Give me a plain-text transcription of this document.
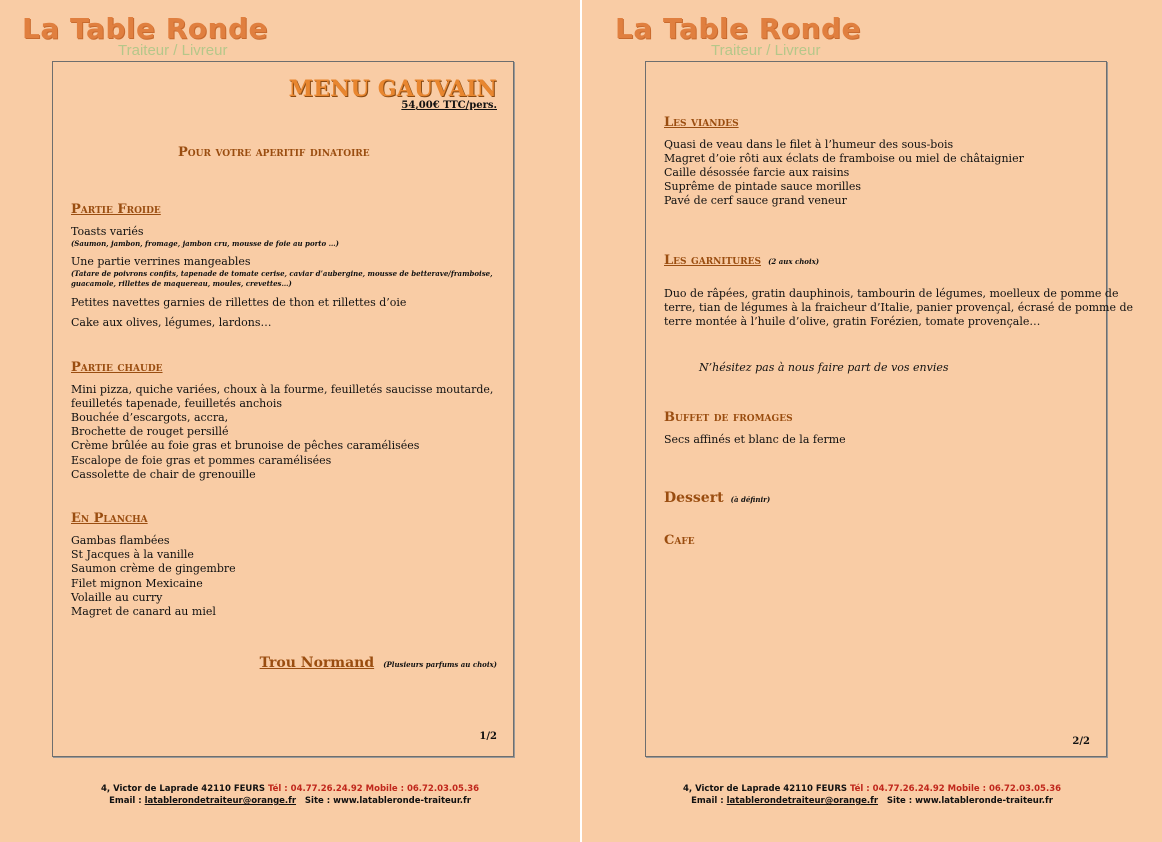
La Table Ronde
Traiteur / Livreur
MENU GAUVAIN
54,00€ TTC/pers.
Pour votre aperitif dinatoire
Partie Froide
Toasts variés
(Saumon, jambon, fromage, jambon cru, mousse de foie au porto …)
Une partie verrines mangeables
(Tatare de poivrons confits, tapenade de tomate cerise, caviar d’aubergine, mousse de betterave/framboise,
guacamole, rillettes de maquereau, moules, crevettes…)
Petites navettes garnies de rillettes de thon et rillettes d’oie
Cake aux olives, légumes, lardons…
Partie chaude
Mini pizza, quiche variées, choux à la fourme, feuilletés saucisse moutarde,
feuilletés tapenade, feuilletés anchois
Bouchée d’escargots, accra,
Brochette de rouget persillé
Crème brûlée au foie gras et brunoise de pêches caramélisées
Escalope de foie gras et pommes caramélisées
Cassolette de chair de grenouille
En Plancha
Gambas flambées
St Jacques à la vanille
Saumon crème de gingembre
Filet mignon Mexicaine
Volaille au curry
Magret de canard au miel
Trou Normand (Plusieurs parfums au choix)
1/2
4, Victor de Laprade 42110 FEURS Tél : 04.77.26.24.92 Mobile : 06.72.03.05.36
Email : latablerondetraiteur@orange.fr Site : www.latableronde-traiteur.fr
La Table Ronde
Traiteur / Livreur
Les viandes
Quasi de veau dans le filet à l’humeur des sous-bois
Magret d’oie rôti aux éclats de framboise ou miel de châtaignier
Caille désossée farcie aux raisins
Suprême de pintade sauce morilles
Pavé de cerf sauce grand veneur
Les garnitures (2 aux choix)
Duo de râpées, gratin dauphinois, tambourin de légumes, moelleux de pomme de
terre, tian de légumes à la fraicheur d’Italie, panier provençal, écrasé de pomme de
terre montée à l’huile d’olive, gratin Forézien, tomate provençale…
N’hésitez pas à nous faire part de vos envies
Buffet de fromages
Secs affinés et blanc de la ferme
Dessert (à définir)
Cafe
2/2
4, Victor de Laprade 42110 FEURS Tél : 04.77.26.24.92 Mobile : 06.72.03.05.36
Email : latablerondetraiteur@orange.fr Site : www.latableronde-traiteur.fr
